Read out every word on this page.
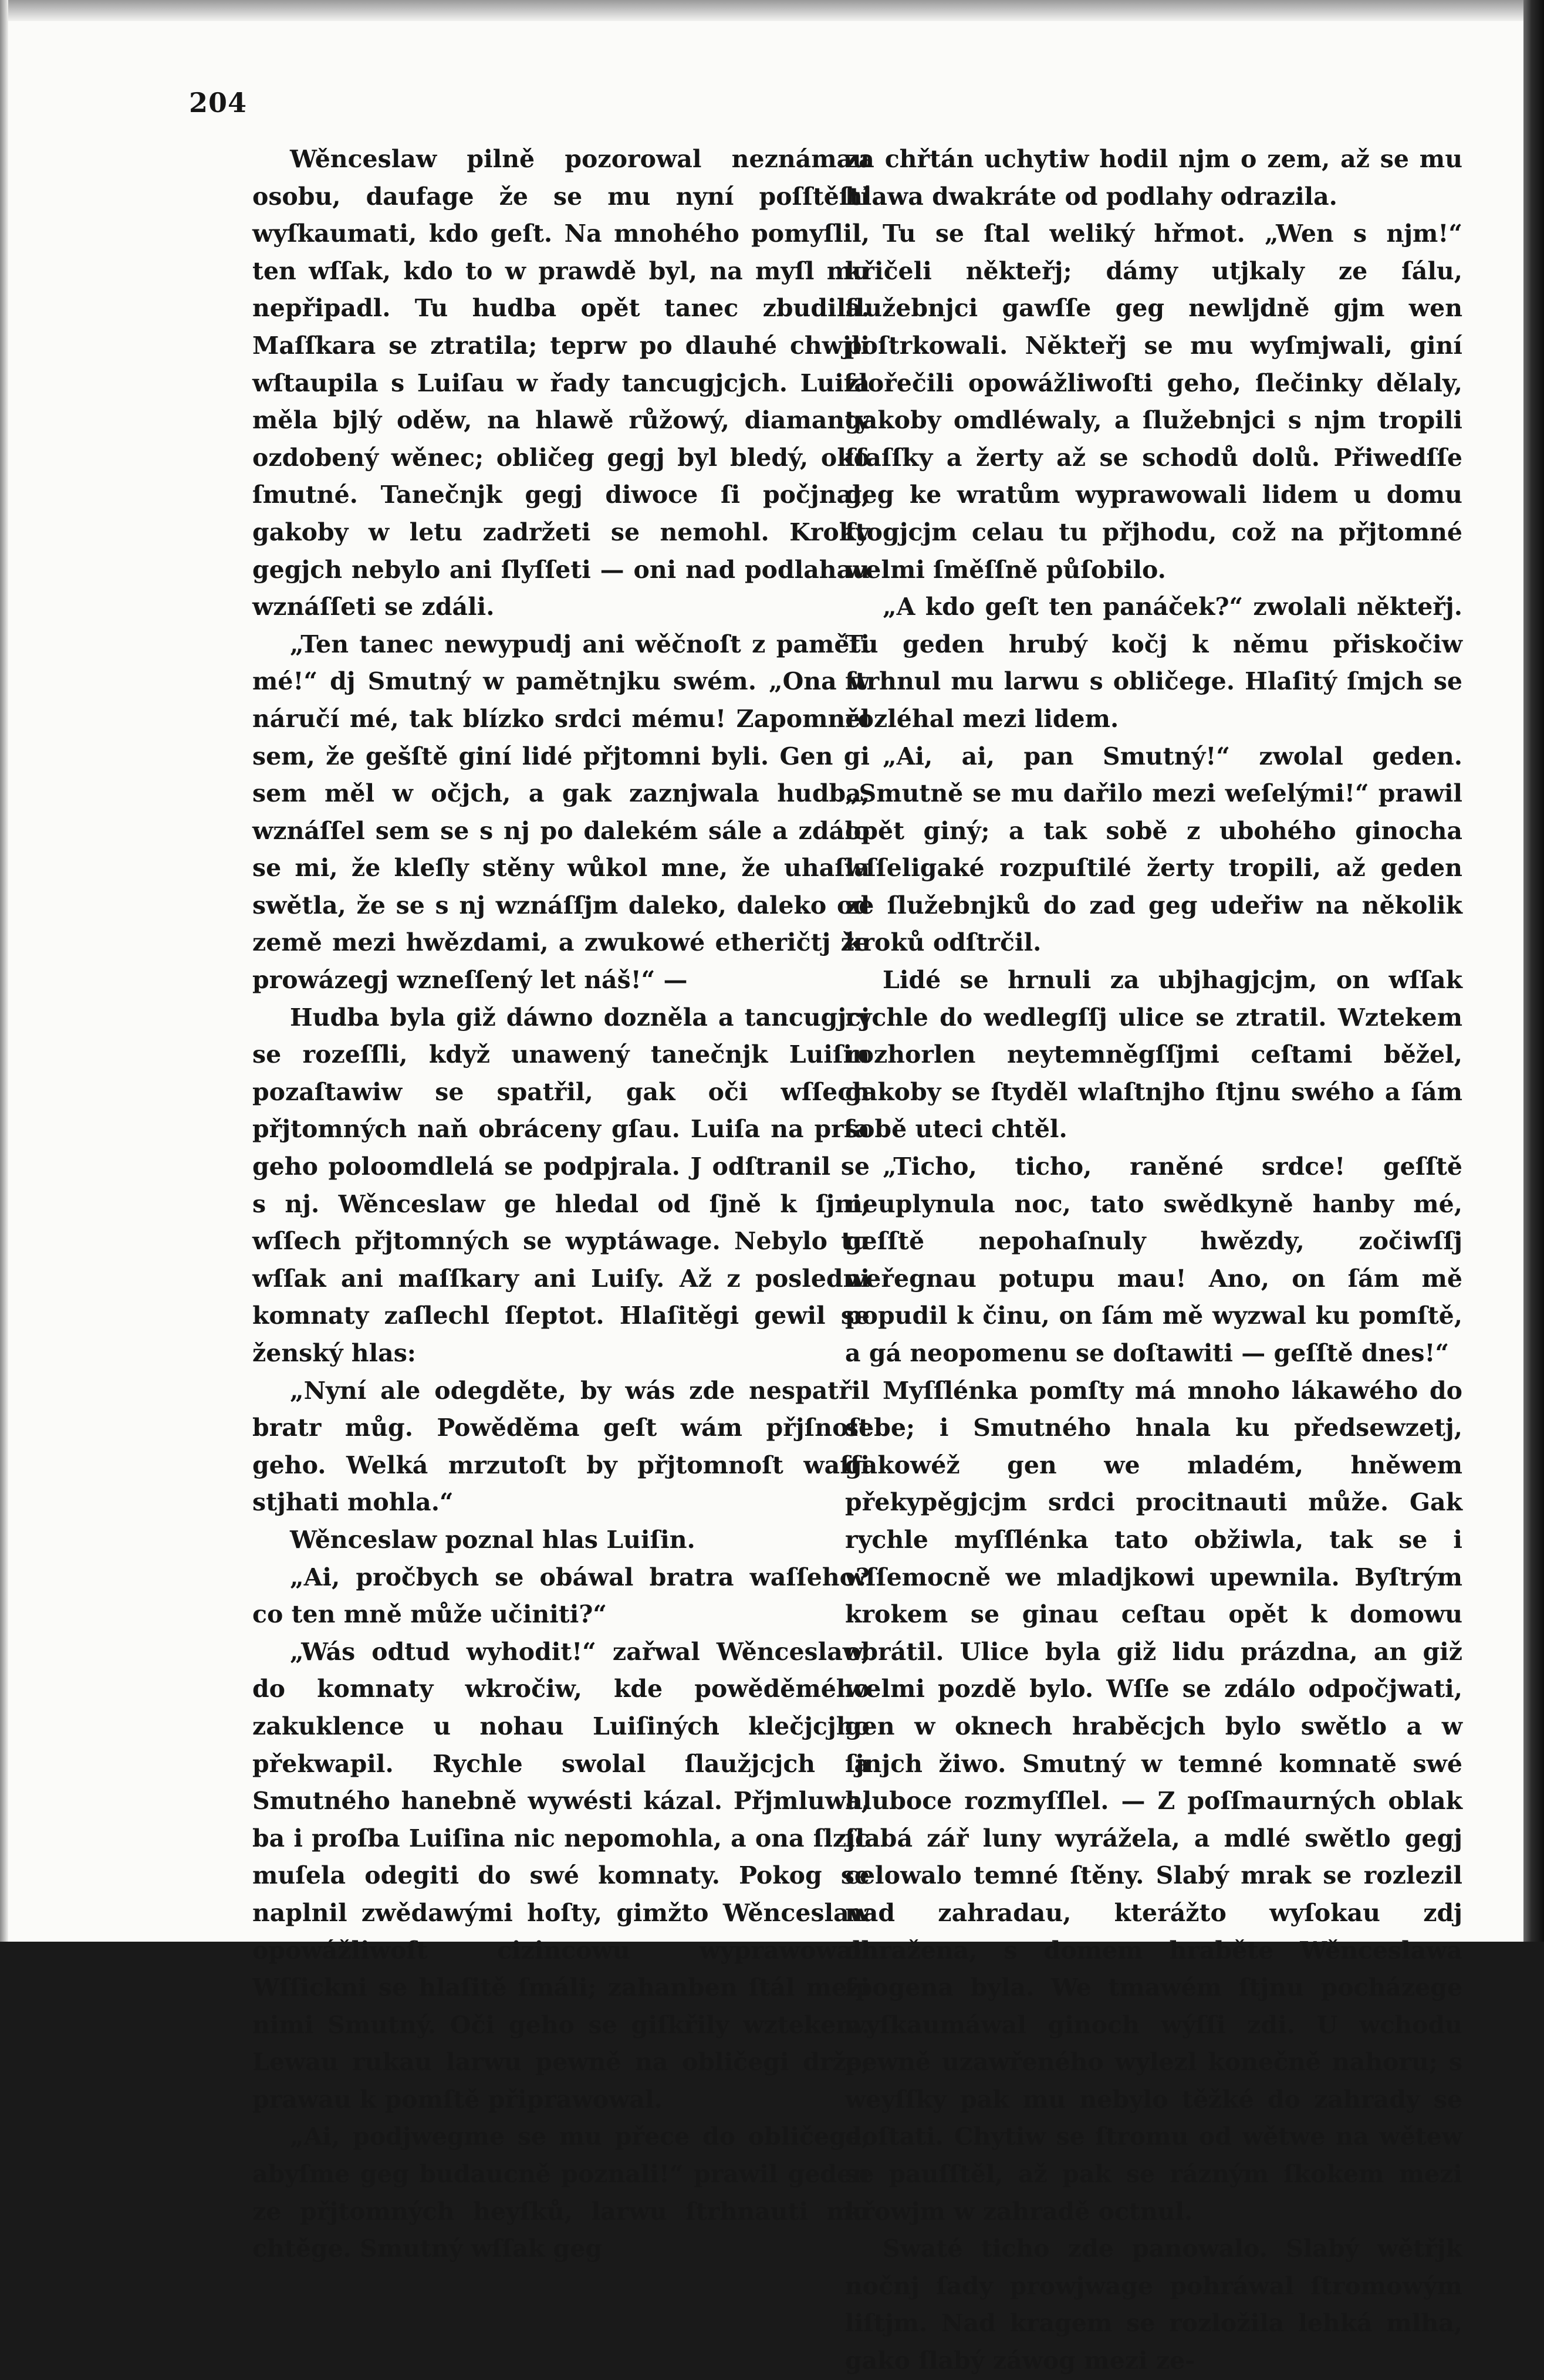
204

Wěnceslaw pilně pozorowal neznámau osobu, daufage že se mu nyní poſſtěſtí wyſkaumati, kdo geſt. Na mnohého pomyſlil, ten wſſak, kdo to w prawdě byl, na myſl mu nepřipadl. Tu hudba opět tanec zbudila. Maſſkara se ztratila; teprw po dlauhé chwjli wſtaupila s Luiſau w řady tancugjcjch. Luiſa měla bjlý oděw, na hlawě růžowý, diamanty ozdobený wěnec; obličeg gegj byl bledý, oko ſmutné. Tanečnjk gegj diwoce ſi počjnal, gakoby w letu zadržeti se nemohl. Kroky gegjch nebylo ani ſlyſſeti — oni nad podlahau wznáſſeti se zdáli.

„Ten tanec newypudj ani wěčnoſt z paměti mé!“ dj Smutný w pamětnjku swém. „Ona w náručí mé, tak blízko srdci mému! Zapomněl sem, že gešſtě giní lidé přjtomni byli. Gen gi sem měl w očjch, a gak zaznjwala hudba, wznáſſel sem se s nj po dalekém sále a zdálo se mi, že kleſly stěny wůkol mne, že uhaſla swětla, že se s nj wznáſſjm daleko, daleko od země mezi hwězdami, a zwukowé etheričtj že prowázegj wzneſſený let náš!“ —

Hudba byla giž dáwno dozněla a tancugjcj se rozeſſli, když unawený tanečnjk Luiſin pozaſtawiw se spatřil, gak oči wſſech přjtomných naň obráceny gſau. Luiſa na prſa geho poloomdlelá se podpjrala. J odſtranil se s nj. Wěnceslaw ge hledal od ſjně k ſjni, wſſech přjtomných se wyptáwage. Nebylo tu wſſak ani maſſkary ani Luiſy. Až z posledni komnaty zaſlechl ſſeptot. Hlaſitěgi gewil se ženský hlas:

„Nyní ale odegděte, by wás zde nespatřil bratr můg. Powěděma geſt wám přjſnoſt geho. Welká mrzutoſt by přjtomnoſt waſſi stjhati mohla.“

Wěnceslaw poznal hlas Luiſin.

„Ai, pročbych se obáwal bratra waſſeho? co ten mně může učiniti?“

„Wás odtud wyhodit!“ zařwal Wěnceslaw, do komnaty wkročiw, kde powěděmého zakuklence u nohau Luiſiných klečjcjho překwapil. Rychle swolal ſlaužjcjch a Smutného hanebně wywésti kázal. Přjmluwa, ba i proſba Luiſina nic nepomohla, a ona ſlzjc muſela odegiti do swé komnaty. Pokog se naplnil zwědawými hoſty, gimžto Wěnceslaw opowážliwoſt cizincowu wyprawowal. Wſſickni se hlaſitě ſmáli; zahanben ſtál mezi nimi Smutný. Oči geho se giſkřily wztekem. Lewau rukau larwu pewně na obličegi drže, prawau k pomſtě připrawowal.

„Ai, podjwegme se mu přece do obličege, abyſme geg budaucně poznali!“ prawil geden ze přjtomných heyſků, larwu ſtrhnauti mu chtěge. Smutný wſſak geg

za chřtán uchytiw hodil njm o zem, až se mu hlawa dwakráte od podlahy odrazila.

Tu se ſtal weliký hřmot. „Wen s njm!“ křičeli někteřj; dámy utjkaly ze ſálu, ſlužebnjci gawſſe geg newljdně gjm wen poſtrkowali. Někteřj se mu wyſmjwali, giní zlořečili opowážliwoſti geho, ſlečinky dělaly, gakoby omdléwaly, a ſlužebnjci s njm tropili ſſaſſky a žerty až se schodů dolů. Přiwedſſe geg ke wratům wyprawowali lidem u domu ſtogjcjm celau tu přjhodu, což na přjtomné welmi ſměſſně půſobilo.

„A kdo geſt ten panáček?“ zwolali někteřj. Tu geden hrubý kočj k němu přiskočiw ſtrhnul mu larwu s obličege. Hlaſitý ſmjch se rozléhal mezi lidem.

„Ai, ai, pan Smutný!“ zwolal geden. „Smutně se mu dařilo mezi weſelými!“ prawil opět giný; a tak sobě z ubohého ginocha wſſeligaké rozpuſtilé žerty tropili, až geden ze ſlužebnjků do zad geg udeřiw na několik kroků odſtrčil.

Lidé se hrnuli za ubjhagjcjm, on wſſak rychle do wedlegſſj ulice se ztratil. Wztekem rozhorlen neytemněgſſjmi ceſtami běžel, gakoby se ſtyděl wlaſtnjho ſtjnu swého a ſám sobě uteci chtěl.

„Ticho, ticho, raněné srdce! geſſtě neuplynula noc, tato swědkyně hanby mé, geſſtě nepohaſnuly hwězdy, zočiwſſj weřegnau potupu mau! Ano, on ſám mě popudil k činu, on ſám mě wyzwal ku pomſtě, a gá neopomenu se doſtawiti — geſſtě dnes!“

Myſſlénka pomſty má mnoho lákawého do sebe; i Smutného hnala ku předsewzetj, gakowéž gen we mladém, hněwem překypěgjcjm srdci procitnauti může. Gak rychle myſſlénka tato obžiwla, tak se i wſſemocně we mladjkowi upewnila. Byſtrým krokem se ginau ceſtau opět k domowu obrátil. Ulice byla giž lidu prázdna, an giž welmi pozdě bylo. Wſſe se zdálo odpočjwati, gen w oknech hraběcjch bylo swětlo a w ſjnjch žiwo. Smutný w temné komnatě swé hluboce rozmyſſlel. — Z poſſmaurných oblak ſlabá zář luny wyrážela, a mdlé swětlo gegj celowalo temné ſtěny. Slabý mrak se rozlezil nad zahradau, kterážto wyſokau zdj ohražena, s domem hraběte Wěnceslawa ſpogena byla. We tmawém ſtjnu pocházege wyſkaumáwal ginoch wýſſi zdi. U wchodu pewně uzawřeného wylezl konečně nahoru; s weyſſky pak mu nebylo těžké do zahrady se doſtati. Chytiw se ſtromu od wětwe na wětew se pauſſtěl, až pak se rázným ſkokem mezi křowjm w zahradě octnul.

Swaté ticho zde panowalo. Slabý wětřjk nočnj ſady prowjwage pohráwal ſtromowým liſtjm. Nad kragem se rozložila lehká mlha, gako ſlabý záwog mezi ze-
